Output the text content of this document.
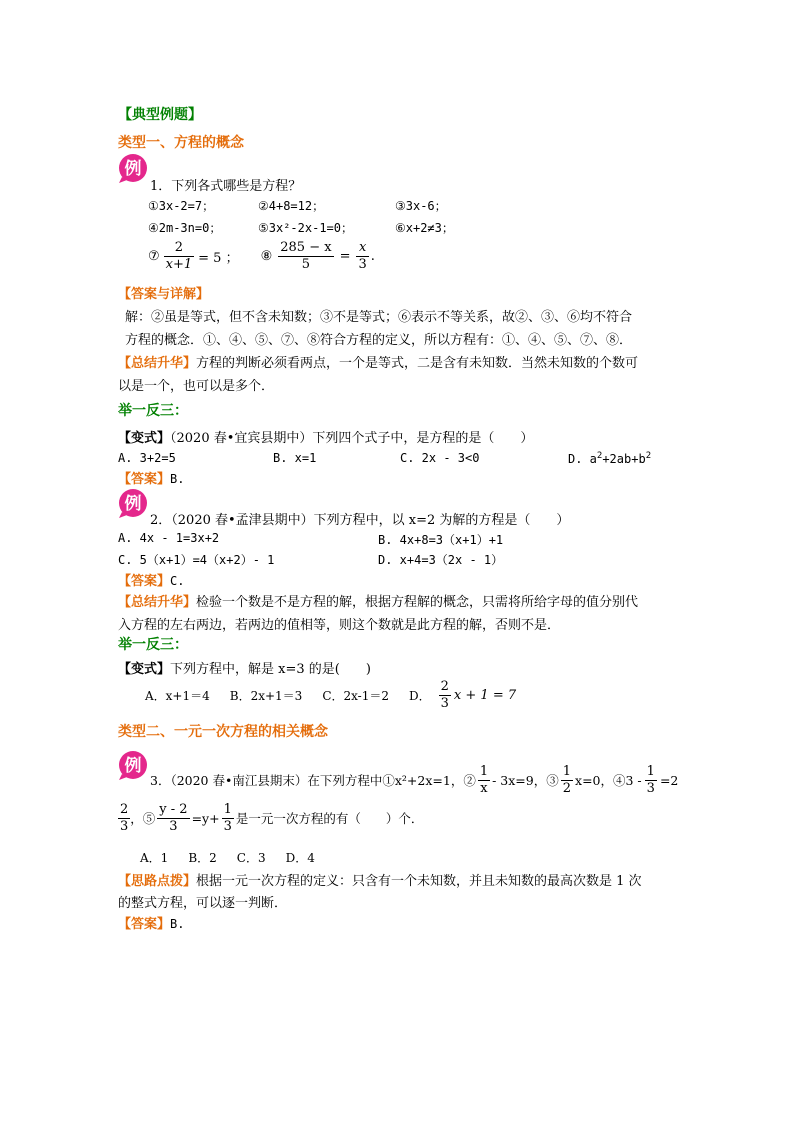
【典型例题】
类型一、方程的概念
例
1．下列各式哪些是方程？
①3x-2=7；	②4+8=12；	③3x-6；
④2m-3n=0；	⑤3x²-2x-1=0；	⑥x+2≠3；
⑦ $\frac{2}{x+1} = 5$ ； ⑧ $\frac{285 - x}{5} = \frac{x}{3}$ .
【答案与详解】
解：②虽是等式，但不含未知数；③不是等式；⑥表示不等关系，故②、③、⑥均不符合
方程的概念．①、④、⑤、⑦、⑧符合方程的定义，所以方程有：①、④、⑤、⑦、⑧．
【总结升华】方程的判断必须看两点，一个是等式，二是含有未知数．当然未知数的个数可
以是一个，也可以是多个．
举一反三：
【变式】（2020 春•宜宾县期中）下列四个式子中，是方程的是（　　）
A. 3+2=5	B. x=1	C. 2x - 3<0	D. $a^2+2ab+b^2$
【答案】B.
例
2．（2020 春•孟津县期中）下列方程中，以 x=2 为解的方程是（　　）
A. 4x - 1=3x+2	B. 4x+8=3（x+1）+1
C. 5（x+1）=4（x+2）- 1	D. x+4=3（2x - 1）
【答案】C.
【总结升华】检验一个数是不是方程的解，根据方程解的概念，只需将所给字母的值分别代
入方程的左右两边，若两边的值相等，则这个数就是此方程的解，否则不是．
举一反三：
【变式】下列方程中，解是 x=3 的是(　　)
A．x+1＝4 B．2x+1＝3 C．2x-1＝2 D． $\frac{2}{3}$ x + 1 = 7
类型二、一元一次方程的相关概念
例
3．（2020 春•南江县期末）在下列方程中①x²+2x=1，② $\frac{1}{x} - 3x=9$，③ $\frac{1}{2} x=0$，④3 - $\frac{1}{3} =2$
$\frac{2}{3}$ ，⑤ $\frac{y - 2}{3} =y+ \frac{1}{3}$ 是一元一次方程的有（　　）个．
A．1 B．2 C．3 D．4
【思路点拨】根据一元一次方程的定义：只含有一个未知数，并且未知数的最高次数是 1 次
的整式方程，可以逐一判断．
【答案】B.
